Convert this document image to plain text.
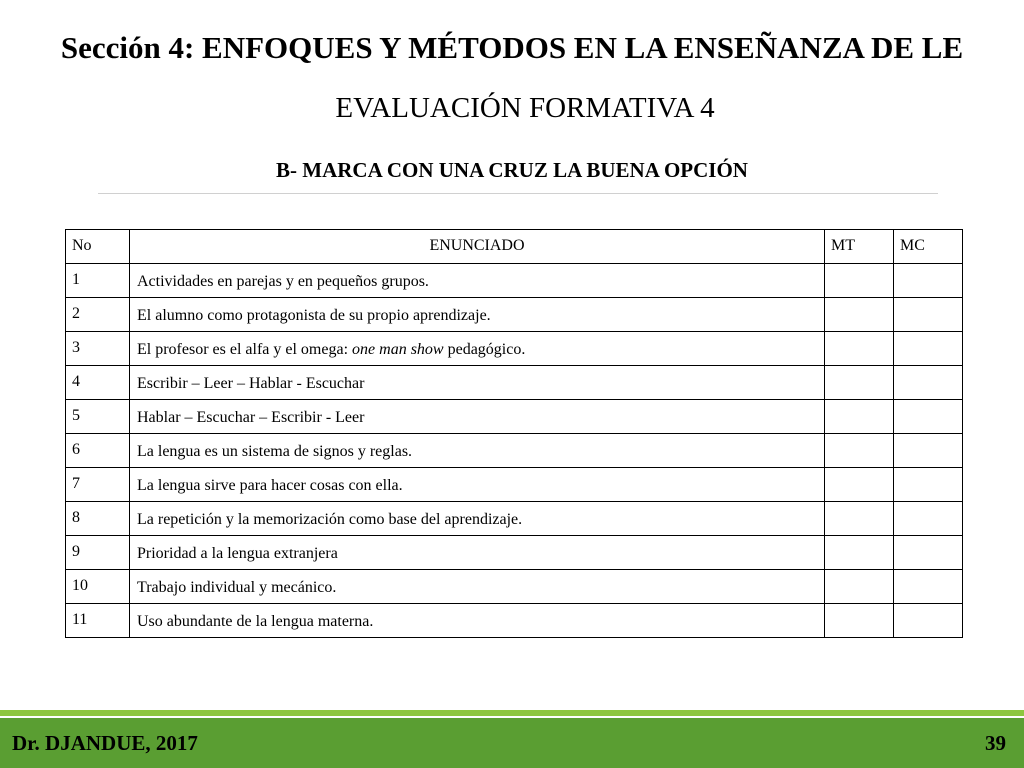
Sección 4: ENFOQUES Y MÉTODOS EN LA ENSEÑANZA DE LE
EVALUACIÓN FORMATIVA 4
B- MARCA CON UNA CRUZ LA BUENA OPCIÓN
No	ENUNCIADO	MT	MC
1	Actividades en parejas y en pequeños grupos.		
2	El alumno como protagonista de su propio aprendizaje.		
3	El profesor es el alfa y el omega: one man show pedagógico.		
4	Escribir – Leer – Hablar - Escuchar		
5	Hablar – Escuchar – Escribir - Leer		
6	La lengua es un sistema de signos y reglas.		
7	La lengua sirve para hacer cosas con ella.		
8	La repetición y la memorización como base del aprendizaje.		
9	Prioridad a la lengua extranjera		
10	Trabajo individual y mecánico.		
11	Uso abundante de la lengua materna.		
Dr. DJANDUE, 2017	39
